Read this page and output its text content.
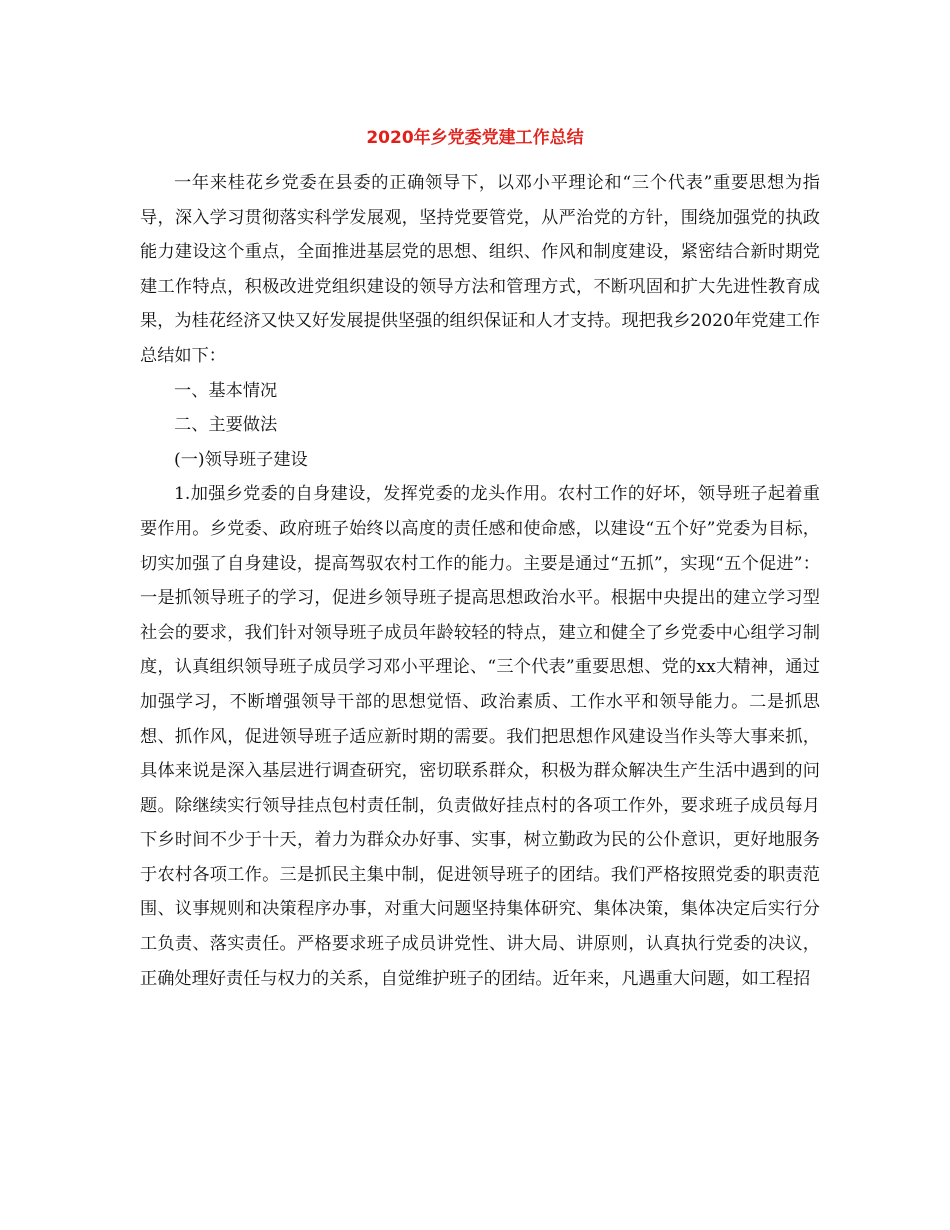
2020年乡党委党建工作总结

一年来桂花乡党委在县委的正确领导下，以邓小平理论和“三个代表”重要思想为指导，深入学习贯彻落实科学发展观，坚持党要管党，从严治党的方针，围绕加强党的执政能力建设这个重点，全面推进基层党的思想、组织、作风和制度建设，紧密结合新时期党建工作特点，积极改进党组织建设的领导方法和管理方式，不断巩固和扩大先进性教育成果，为桂花经济又快又好发展提供坚强的组织保证和人才支持。现把我乡2020年党建工作总结如下：

一、基本情况

二、主要做法

(一)领导班子建设

1.加强乡党委的自身建设，发挥党委的龙头作用。农村工作的好坏，领导班子起着重要作用。乡党委、政府班子始终以高度的责任感和使命感，以建设“五个好”党委为目标，切实加强了自身建设，提高驾驭农村工作的能力。主要是通过“五抓”，实现“五个促进”：一是抓领导班子的学习，促进乡领导班子提高思想政治水平。根据中央提出的建立学习型社会的要求，我们针对领导班子成员年龄较轻的特点，建立和健全了乡党委中心组学习制度，认真组织领导班子成员学习邓小平理论、“三个代表”重要思想、党的xx大精神，通过加强学习，不断增强领导干部的思想觉悟、政治素质、工作水平和领导能力。二是抓思想、抓作风，促进领导班子适应新时期的需要。我们把思想作风建设当作头等大事来抓，具体来说是深入基层进行调查研究，密切联系群众，积极为群众解决生产生活中遇到的问题。除继续实行领导挂点包村责任制，负责做好挂点村的各项工作外，要求班子成员每月下乡时间不少于十天，着力为群众办好事、实事，树立勤政为民的公仆意识，更好地服务于农村各项工作。三是抓民主集中制，促进领导班子的团结。我们严格按照党委的职责范围、议事规则和决策程序办事，对重大问题坚持集体研究、集体决策，集体决定后实行分工负责、落实责任。严格要求班子成员讲党性、讲大局、讲原则，认真执行党委的决议，正确处理好责任与权力的关系，自觉维护班子的团结。近年来，凡遇重大问题，如工程招
